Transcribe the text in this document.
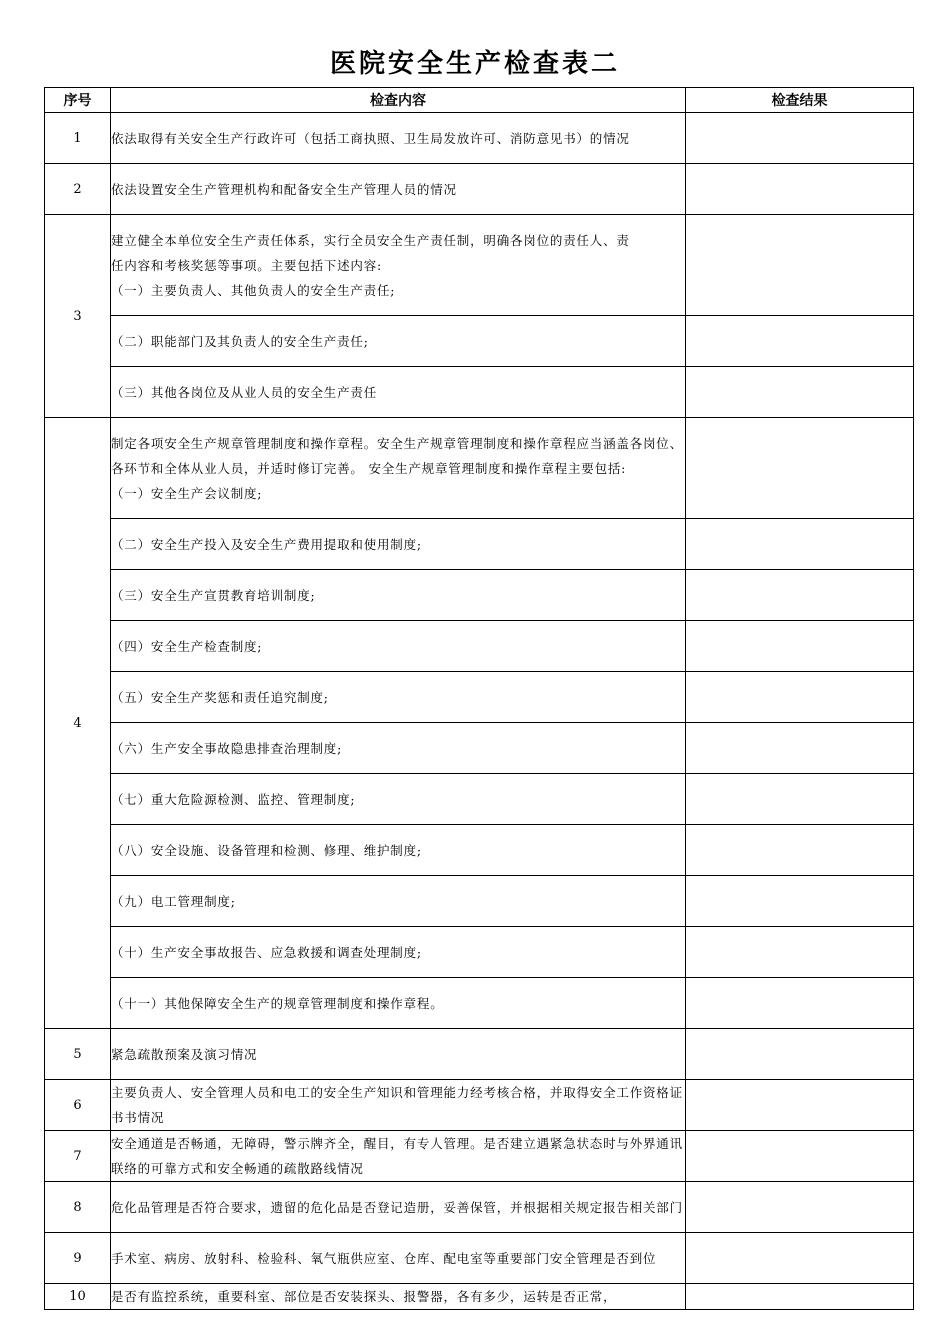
医院安全生产检查表二
序号	检查内容	检查结果
1	依法取得有关安全生产行政许可（包括工商执照、卫生局发放许可、消防意见书）的情况	
2	依法设置安全生产管理机构和配备安全生产管理人员的情况	
3	建立健全本单位安全生产责任体系，实行全员安全生产责任制，明确各岗位的责任人、责
任内容和考核奖惩等事项。主要包括下述内容:
（一）主要负责人、其他负责人的安全生产责任;	

	（二）职能部门及其负责人的安全生产责任;	
	（三）其他各岗位及从业人员的安全生产责任	
4	制定各项安全生产规章管理制度和操作章程。安全生产规章管理制度和操作章程应当涵盖各岗位、各环节和全体从业人员，并适时修订完善。 安全生产规章管理制度和操作章程主要包括:
（一）安全生产会议制度;	

	（二）安全生产投入及安全生产费用提取和使用制度;	
	（三）安全生产宣贯教育培训制度;	
	（四）安全生产检查制度;	
	（五）安全生产奖惩和责任追究制度;	
	（六）生产安全事故隐患排查治理制度;	
	（七）重大危险源检测、监控、管理制度;	
	（八）安全设施、设备管理和检测、修理、维护制度;	
	（九）电工管理制度;	
	（十）生产安全事故报告、应急救援和调查处理制度;	
	（十一）其他保障安全生产的规章管理制度和操作章程。	
5	紧急疏散预案及演习情况	
6	主要负责人、安全管理人员和电工的安全生产知识和管理能力经考核合格，并取得安全工作资格证书书情况	
7	安全通道是否畅通，无障碍，警示牌齐全，醒目，有专人管理。是否建立遇紧急状态时与外界通讯联络的可靠方式和安全畅通的疏散路线情况	
8	危化品管理是否符合要求，遗留的危化品是否登记造册，妥善保管，并根据相关规定报告相关部门	
9	手术室、病房、放射科、检验科、氧气瓶供应室、仓库、配电室等重要部门安全管理是否到位	
10	是否有监控系统，重要科室、部位是否安装探头、报警器，各有多少，运转是否正常，	
